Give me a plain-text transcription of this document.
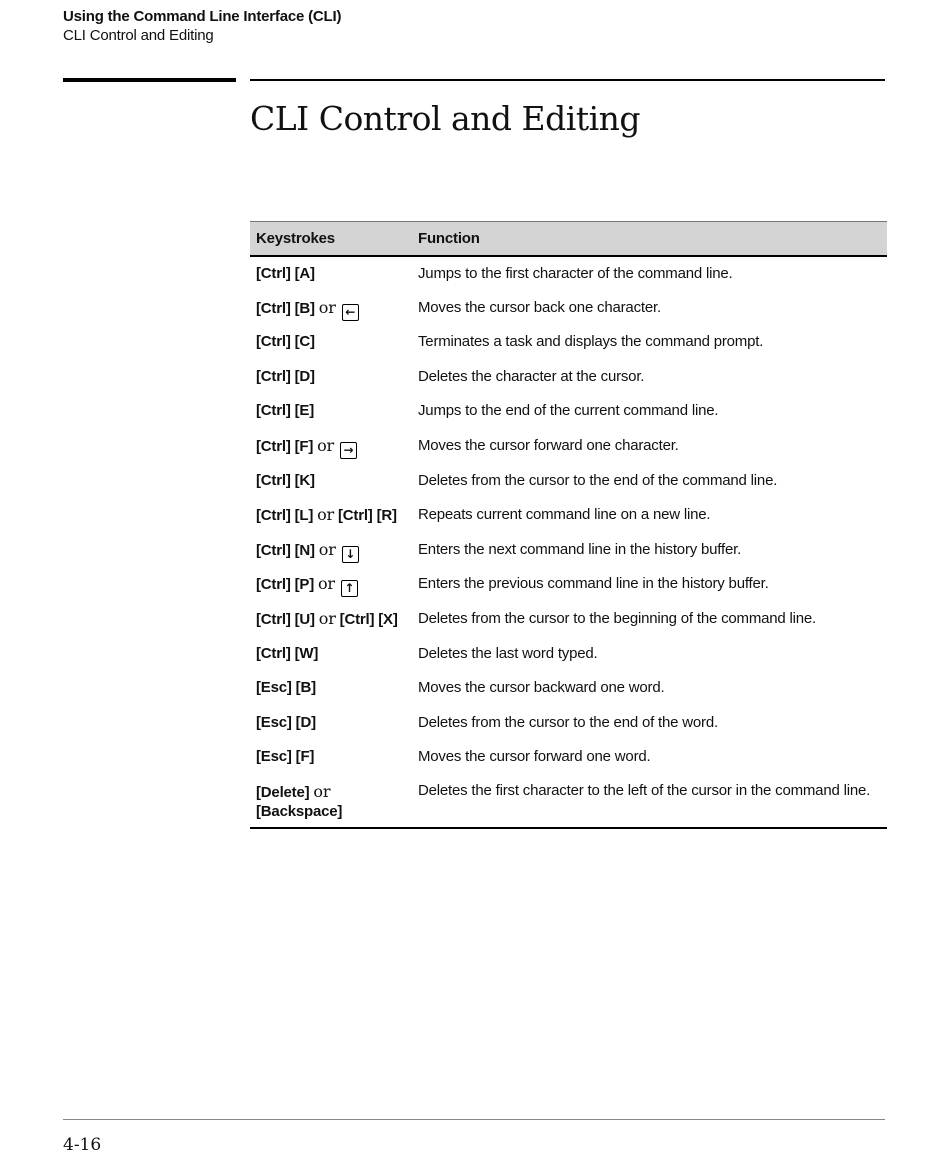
Using the Command Line Interface (CLI)
CLI Control and Editing
CLI Control and Editing
Keystrokes	Function
[Ctrl] [A]	Jumps to the first character of the command line.
[Ctrl] [B] or ←	Moves the cursor back one character.
[Ctrl] [C]	Terminates a task and displays the command prompt.
[Ctrl] [D]	Deletes the character at the cursor.
[Ctrl] [E]	Jumps to the end of the current command line.
[Ctrl] [F] or →	Moves the cursor forward one character.
[Ctrl] [K]	Deletes from the cursor to the end of the command line.
[Ctrl] [L] or [Ctrl] [R]	Repeats current command line on a new line.
[Ctrl] [N] or ↓	Enters the next command line in the history buffer.
[Ctrl] [P] or ↑	Enters the previous command line in the history buffer.
[Ctrl] [U] or [Ctrl] [X]	Deletes from the cursor to the beginning of the command line.
[Ctrl] [W]	Deletes the last word typed.
[Esc] [B]	Moves the cursor backward one word.
[Esc] [D]	Deletes from the cursor to the end of the word.
[Esc] [F]	Moves the cursor forward one word.
[Delete] or
[Backspace]	Deletes the first character to the left of the cursor in the command line.
4-16
